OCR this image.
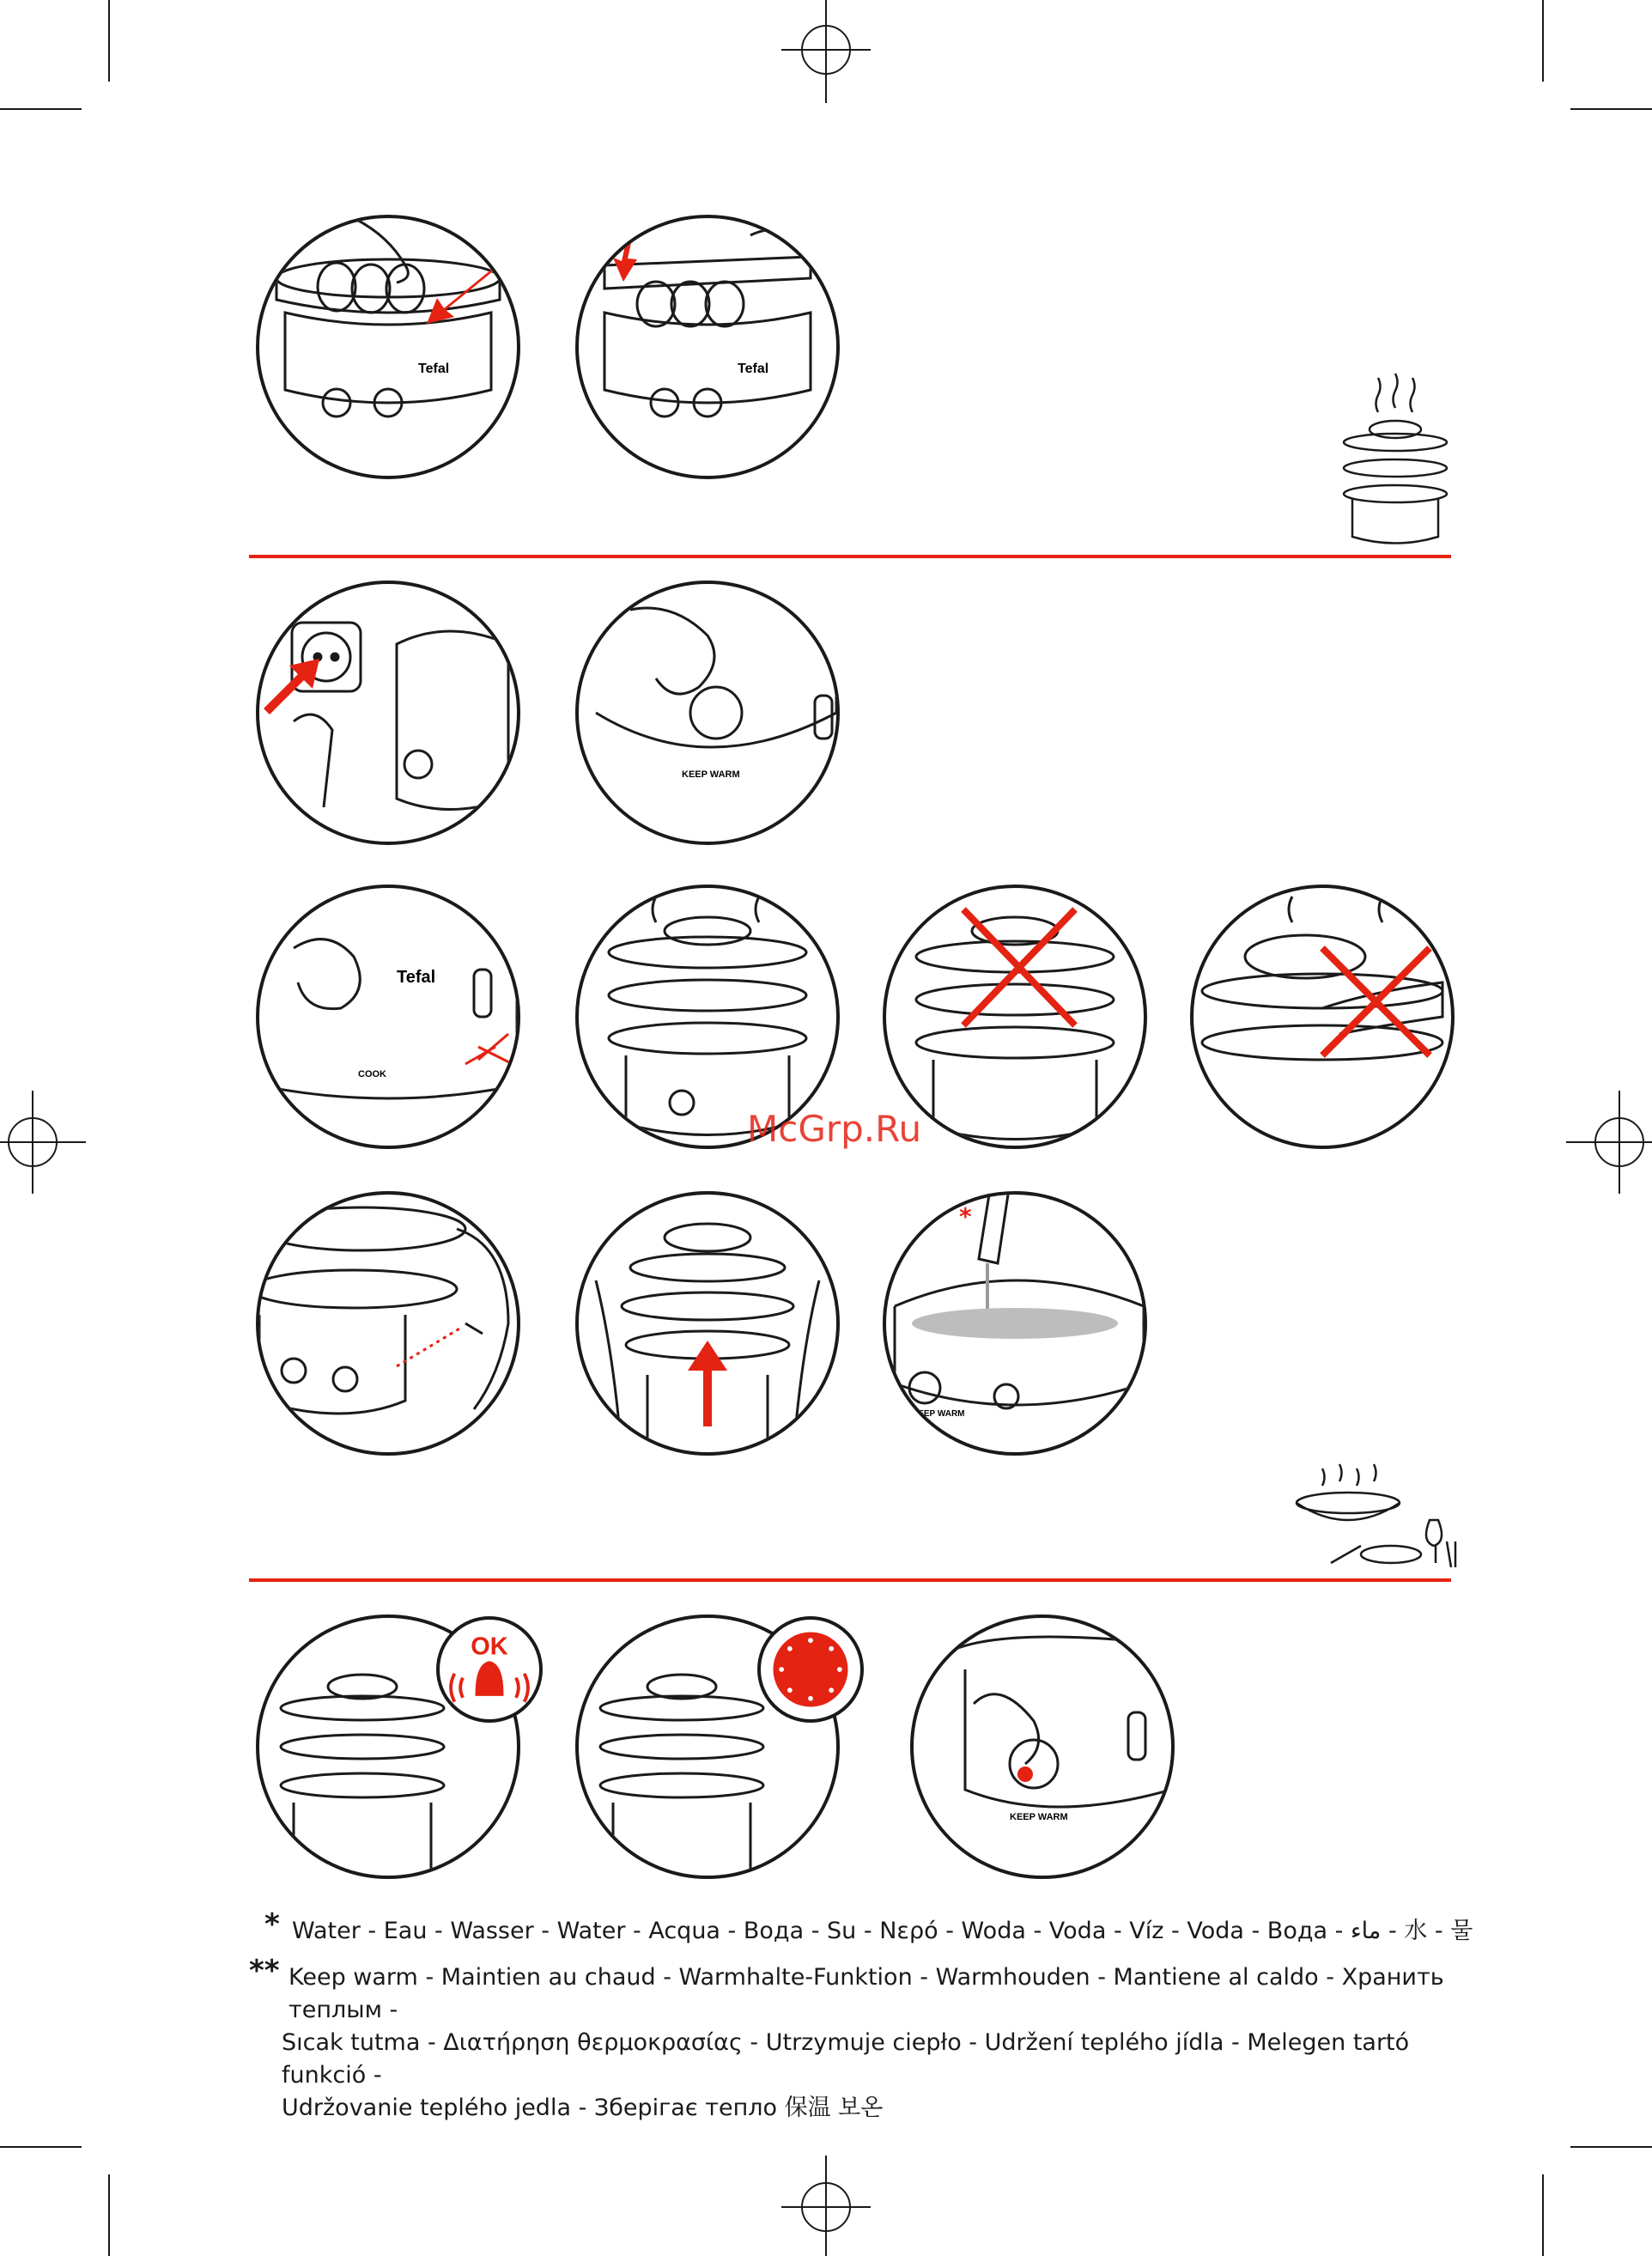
Tefal	Tefal
KEEP WARM
Tefal
COOK
*
KEEP WARM
OK
KEEP WARM
McGrp.Ru
* Water - Eau - Wasser - Water - Acqua - Вода - Su - Νερό - Woda - Voda - Víz - Voda - Вода - ماء - 水 - 물
** Keep warm - Maintien au chaud - Warmhalte-Funktion - Warmhouden - Mantiene al caldo - Хранить теплым -
Sıcak tutma - Διατήρηση θερμοκρασίας - Utrzymuje ciepło - Udržení teplého jídla - Melegen tartó funkció -
Udržovanie teplého jedla - Зберігає тепло 保温 보온
